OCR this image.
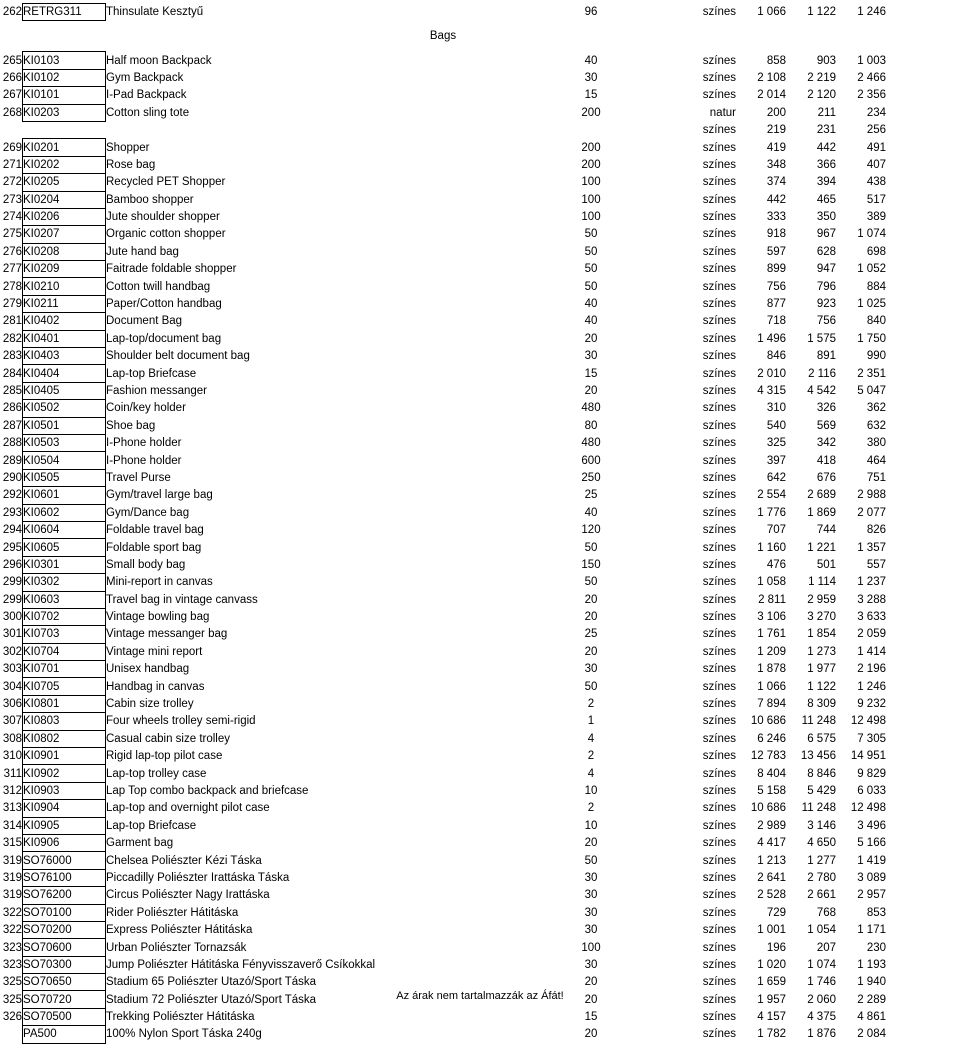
262	RETRG311	Thinsulate Kesztyű	96	színes	1 066	1 122	1 246
Bags							
265	KI0103	Half moon Backpack	40	színes	858	903	1 003
266	KI0102	Gym Backpack	30	színes	2 108	2 219	2 466
267	KI0101	I-Pad Backpack	15	színes	2 014	2 120	2 356
268	KI0203	Cotton sling tote	200	natur	200	211	234
				színes	219	231	256
269	KI0201	Shopper	200	színes	419	442	491
271	KI0202	Rose bag	200	színes	348	366	407
272	KI0205	Recycled PET Shopper	100	színes	374	394	438
273	KI0204	Bamboo shopper	100	színes	442	465	517
274	KI0206	Jute shoulder shopper	100	színes	333	350	389
275	KI0207	Organic cotton shopper	50	színes	918	967	1 074
276	KI0208	Jute hand bag	50	színes	597	628	698
277	KI0209	Faitrade foldable shopper	50	színes	899	947	1 052
278	KI0210	Cotton twill handbag	50	színes	756	796	884
279	KI0211	Paper/Cotton handbag	40	színes	877	923	1 025
281	KI0402	Document Bag	40	színes	718	756	840
282	KI0401	Lap-top/document bag	20	színes	1 496	1 575	1 750
283	KI0403	Shoulder belt document bag	30	színes	846	891	990
284	KI0404	Lap-top Briefcase	15	színes	2 010	2 116	2 351
285	KI0405	Fashion messanger	20	színes	4 315	4 542	5 047
286	KI0502	Coin/key holder	480	színes	310	326	362
287	KI0501	Shoe bag	80	színes	540	569	632
288	KI0503	I-Phone holder	480	színes	325	342	380
289	KI0504	I-Phone holder	600	színes	397	418	464
290	KI0505	Travel Purse	250	színes	642	676	751
292	KI0601	Gym/travel large bag	25	színes	2 554	2 689	2 988
293	KI0602	Gym/Dance bag	40	színes	1 776	1 869	2 077
294	KI0604	Foldable travel bag	120	színes	707	744	826
295	KI0605	Foldable sport bag	50	színes	1 160	1 221	1 357
296	KI0301	Small body bag	150	színes	476	501	557
299	KI0302	Mini-report in canvas	50	színes	1 058	1 114	1 237
299	KI0603	Travel bag in vintage canvass	20	színes	2 811	2 959	3 288
300	KI0702	Vintage bowling bag	20	színes	3 106	3 270	3 633
301	KI0703	Vintage messanger bag	25	színes	1 761	1 854	2 059
302	KI0704	Vintage mini report	20	színes	1 209	1 273	1 414
303	KI0701	Unisex handbag	30	színes	1 878	1 977	2 196
304	KI0705	Handbag in canvas	50	színes	1 066	1 122	1 246
306	KI0801	Cabin size trolley	2	színes	7 894	8 309	9 232
307	KI0803	Four wheels trolley semi-rigid	1	színes	10 686	11 248	12 498
308	KI0802	Casual cabin size trolley	4	színes	6 246	6 575	7 305
310	KI0901	Rigid lap-top pilot case	2	színes	12 783	13 456	14 951
311	KI0902	Lap-top trolley case	4	színes	8 404	8 846	9 829
312	KI0903	Lap Top combo backpack and briefcase	10	színes	5 158	5 429	6 033
313	KI0904	Lap-top and overnight pilot case	2	színes	10 686	11 248	12 498
314	KI0905	Lap-top Briefcase	10	színes	2 989	3 146	3 496
315	KI0906	Garment bag	20	színes	4 417	4 650	5 166
319	SO76000	Chelsea Poliészter Kézi Táska	50	színes	1 213	1 277	1 419
319	SO76100	Piccadilly Poliészter Irattáska Táska	30	színes	2 641	2 780	3 089
319	SO76200	Circus Poliészter Nagy Irattáska	30	színes	2 528	2 661	2 957
322	SO70100	Rider Poliészter Hátitáska	30	színes	729	768	853
322	SO70200	Express Poliészter Hátitáska	30	színes	1 001	1 054	1 171
323	SO70600	Urban Poliészter Tornazsák	100	színes	196	207	230
323	SO70300	Jump Poliészter Hátitáska Fényvisszaverő Csíkokkal	30	színes	1 020	1 074	1 193
325	SO70650	Stadium 65 Poliészter Utazó/Sport Táska	20	színes	1 659	1 746	1 940
325	SO70720	Stadium 72 Poliészter Utazó/Sport Táska	20	színes	1 957	2 060	2 289
326	SO70500	Trekking Poliészter Hátitáska	15	színes	4 157	4 375	4 861
	PA500	100% Nylon Sport Táska 240g	20	színes	1 782	1 876	2 084
Az árak nem tartalmazzák az Áfát!
